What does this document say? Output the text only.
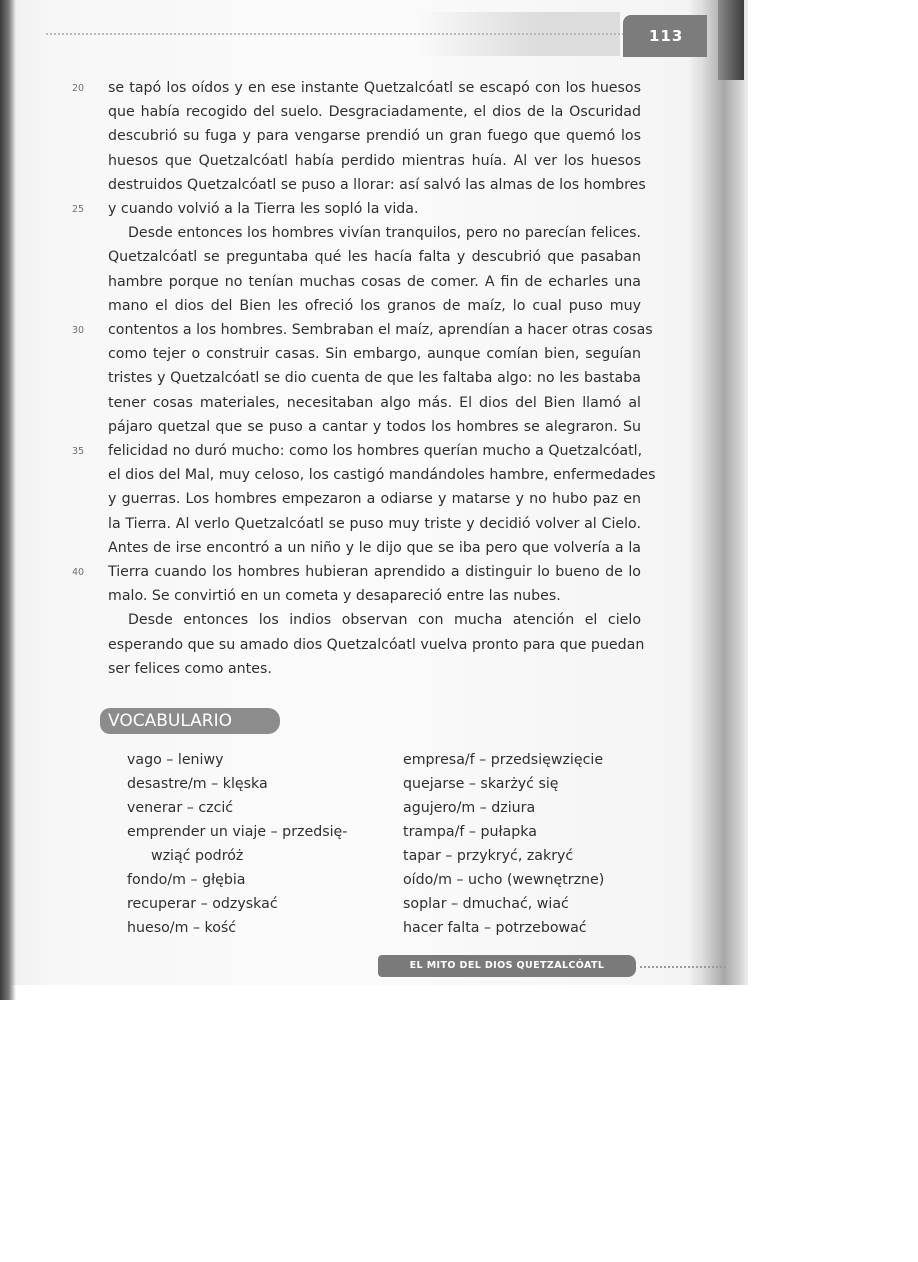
113
se tapó los oídos y en ese instante Quetzalcóatl se escapó con los huesos
20
que había recogido del suelo. Desgraciadamente, el dios de la Oscuridad
descubrió su fuga y para vengarse prendió un gran fuego que quemó los
huesos que Quetzalcóatl había perdido mientras huía. Al ver los huesos
destruidos Quetzalcóatl se puso a llorar: así salvó las almas de los hombres
y cuando volvió a la Tierra les sopló la vida.
25
Desde entonces los hombres vivían tranquilos, pero no parecían felices.
Quetzalcóatl se preguntaba qué les hacía falta y descubrió que pasaban
hambre porque no tenían muchas cosas de comer. A fin de echarles una
mano el dios del Bien les ofreció los granos de maíz, lo cual puso muy
contentos a los hombres. Sembraban el maíz, aprendían a hacer otras cosas
30
como tejer o construir casas. Sin embargo, aunque comían bien, seguían
tristes y Quetzalcóatl se dio cuenta de que les faltaba algo: no les bastaba
tener cosas materiales, necesitaban algo más. El dios del Bien llamó al
pájaro quetzal que se puso a cantar y todos los hombres se alegraron. Su
felicidad no duró mucho: como los hombres querían mucho a Quetzalcóatl,
35
el dios del Mal, muy celoso, los castigó mandándoles hambre, enfermedades
y guerras. Los hombres empezaron a odiarse y matarse y no hubo paz en
la Tierra. Al verlo Quetzalcóatl se puso muy triste y decidió volver al Cielo.
Antes de irse encontró a un niño y le dijo que se iba pero que volvería a la
Tierra cuando los hombres hubieran aprendido a distinguir lo bueno de lo
40
malo. Se convirtió en un cometa y desapareció entre las nubes.
Desde entonces los indios observan con mucha atención el cielo
esperando que su amado dios Quetzalcóatl vuelva pronto para que puedan
ser felices como antes.
VOCABULARIO
vago – leniwy
desastre/m – klęska
venerar – czcić
emprender un viaje – przedsię-
wziąć podróż
fondo/m – głębia
recuperar – odzyskać
hueso/m – kość
empresa/f – przedsięwzięcie
quejarse – skarżyć się
agujero/m – dziura
trampa/f – pułapka
tapar – przykryć, zakryć
oído/m – ucho (wewnętrzne)
soplar – dmuchać, wiać
hacer falta – potrzebować
EL MITO DEL DIOS QUETZALCÓATL
